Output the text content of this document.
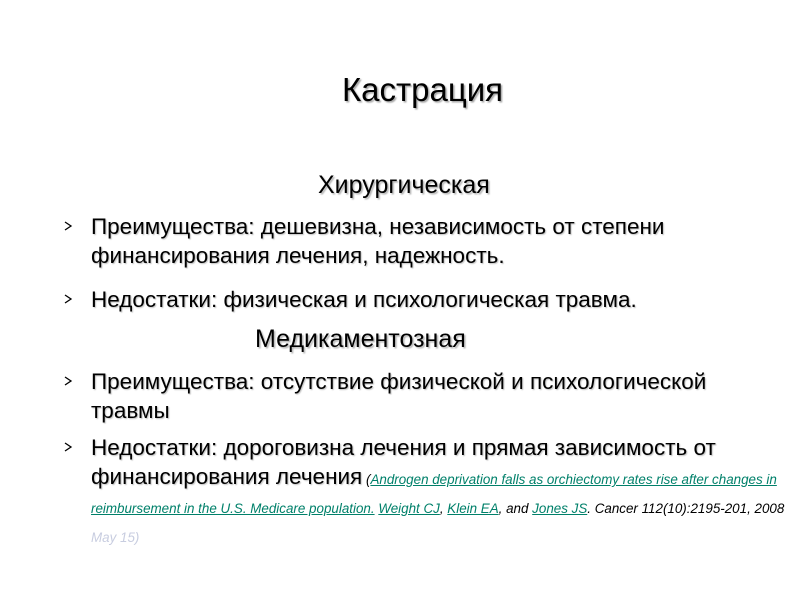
Кастрация
Хирургическая
Преимущества: дешевизна, независимость от степени финансирования лечения, надежность.
Недостатки: физическая и психологическая травма.
Медикаментозная
Преимущества: отсутствие физической и психологической травмы
Недостатки: дороговизна лечения и прямая зависимость от финансирования лечения (Androgen deprivation falls as orchiectomy rates rise after changes in reimbursement in the U.S. Medicare population. Weight CJ, Klein EA, and Jones JS. Cancer 112(10):2195-201, 2008 May 15)
